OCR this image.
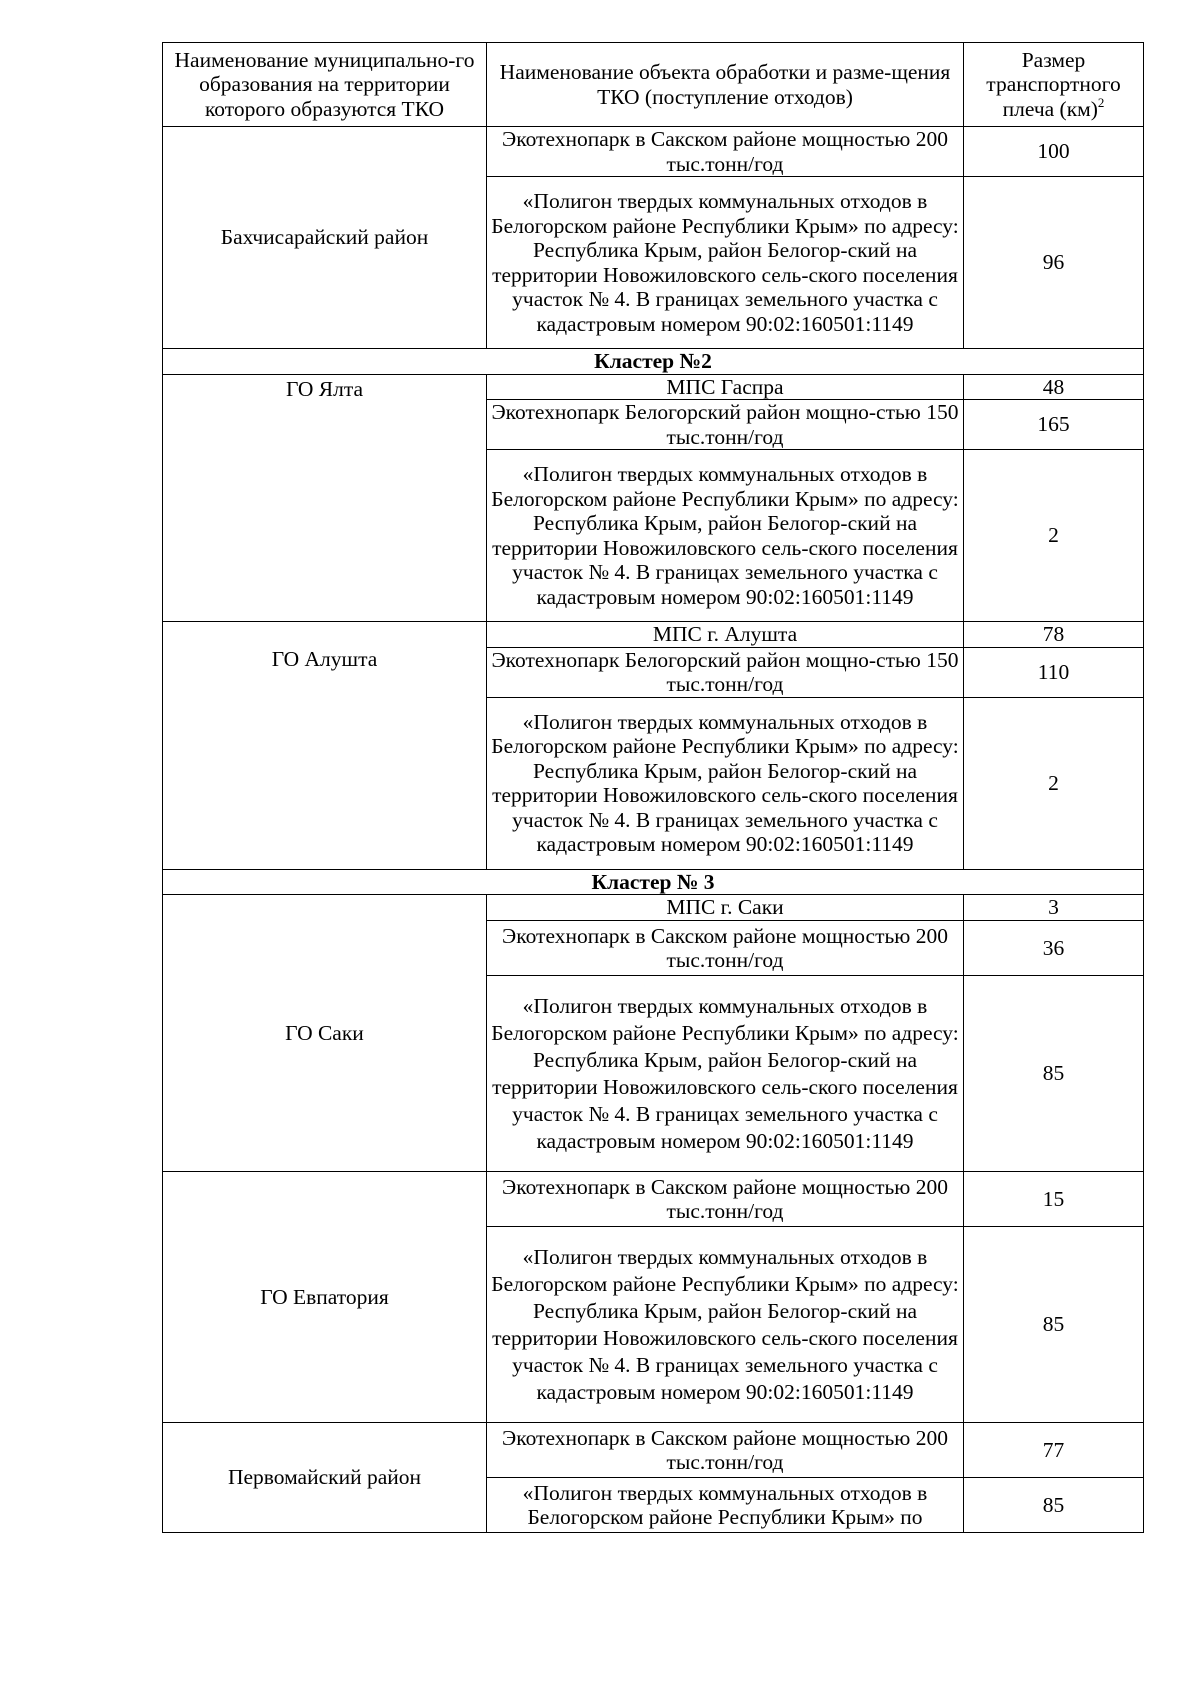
Наименование муниципально-го образования на территории которого образуются ТКО	Наименование объекта обработки и разме-щения ТКО (поступление отходов)	Размер транспортного плеча (км)$^2$
Бахчисарайский район	Экотехнопарк в Сакском районе мощностью 200 тыс.тонн/год	100
	«Полигон твердых коммунальных отходов в Белогорском районе Республики Крым» по адресу: Республика Крым, район Белогор-ский на территории Новожиловского сель-ского поселения участок № 4. В границах земельного участка с кадастровым номером 90:02:160501:1149	96
Кластер №2		
ГО Ялта	МПС Гаспра	48
	Экотехнопарк Белогорский район мощно-стью 150 тыс.тонн/год	165
	«Полигон твердых коммунальных отходов в Белогорском районе Республики Крым» по адресу: Республика Крым, район Белогор-ский на территории Новожиловского сель-ского поселения участок № 4. В границах земельного участка с кадастровым номером 90:02:160501:1149	2
ГО Алушта	МПС г. Алушта	78
	Экотехнопарк Белогорский район мощно-стью 150 тыс.тонн/год	110
	«Полигон твердых коммунальных отходов в Белогорском районе Республики Крым» по адресу: Республика Крым, район Белогор-ский на территории Новожиловского сель-ского поселения участок № 4. В границах земельного участка с кадастровым номером 90:02:160501:1149	2
Кластер № 3		
ГО Саки	МПС г. Саки	3
	Экотехнопарк в Сакском районе мощностью 200 тыс.тонн/год	36
	«Полигон твердых коммунальных отходов в Белогорском районе Республики Крым» по адресу: Республика Крым, район Белогор-ский на территории Новожиловского сель-ского поселения участок № 4. В границах земельного участка с кадастровым номером 90:02:160501:1149	85
ГО Евпатория	Экотехнопарк в Сакском районе мощностью 200 тыс.тонн/год	15
	«Полигон твердых коммунальных отходов в Белогорском районе Республики Крым» по адресу: Республика Крым, район Белогор-ский на территории Новожиловского сель-ского поселения участок № 4. В границах земельного участка с кадастровым номером 90:02:160501:1149	85
Первомайский район	Экотехнопарк в Сакском районе мощностью 200 тыс.тонн/год	77
	«Полигон твердых коммунальных отходов в Белогорском районе Республики Крым» по	85
